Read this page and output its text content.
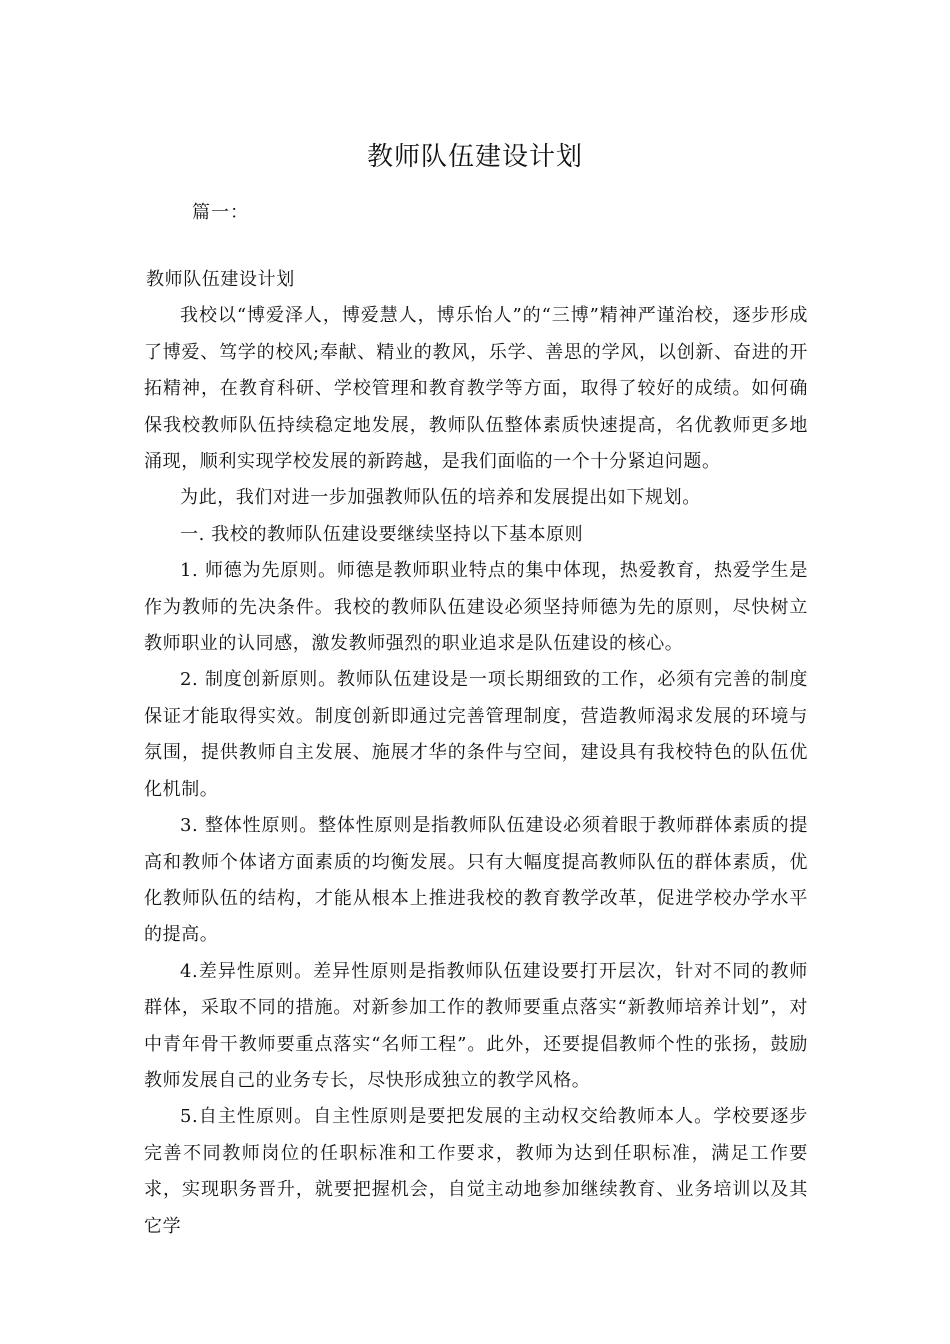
教师队伍建设计划
篇一：

教师队伍建设计划

我校以“博爱泽人，博爱慧人，博乐怡人”的“三博”精神严谨治校，逐步形成了博爱、笃学的校风;奉献、精业的教风，乐学、善思的学风，以创新、奋进的开拓精神，在教育科研、学校管理和教育教学等方面，取得了较好的成绩。如何确保我校教师队伍持续稳定地发展，教师队伍整体素质快速提高，名优教师更多地涌现，顺利实现学校发展的新跨越，是我们面临的一个十分紧迫问题。

为此，我们对进一步加强教师队伍的培养和发展提出如下规划。

一. 我校的教师队伍建设要继续坚持以下基本原则

1. 师德为先原则。师德是教师职业特点的集中体现，热爱教育，热爱学生是作为教师的先决条件。我校的教师队伍建设必须坚持师德为先的原则，尽快树立教师职业的认同感，激发教师强烈的职业追求是队伍建设的核心。

2. 制度创新原则。教师队伍建设是一项长期细致的工作，必须有完善的制度保证才能取得实效。制度创新即通过完善管理制度，营造教师渴求发展的环境与氛围，提供教师自主发展、施展才华的条件与空间，建设具有我校特色的队伍优化机制。

3. 整体性原则。整体性原则是指教师队伍建设必须着眼于教师群体素质的提高和教师个体诸方面素质的均衡发展。只有大幅度提高教师队伍的群体素质，优化教师队伍的结构，才能从根本上推进我校的教育教学改革，促进学校办学水平的提高。

4.差异性原则。差异性原则是指教师队伍建设要打开层次，针对不同的教师群体，采取不同的措施。对新参加工作的教师要重点落实“新教师培养计划”，对中青年骨干教师要重点落实“名师工程”。此外，还要提倡教师个性的张扬，鼓励教师发展自己的业务专长，尽快形成独立的教学风格。

5.自主性原则。自主性原则是要把发展的主动权交给教师本人。学校要逐步完善不同教师岗位的任职标准和工作要求，教师为达到任职标准，满足工作要求，实现职务晋升，就要把握机会，自觉主动地参加继续教育、业务培训以及其它学
